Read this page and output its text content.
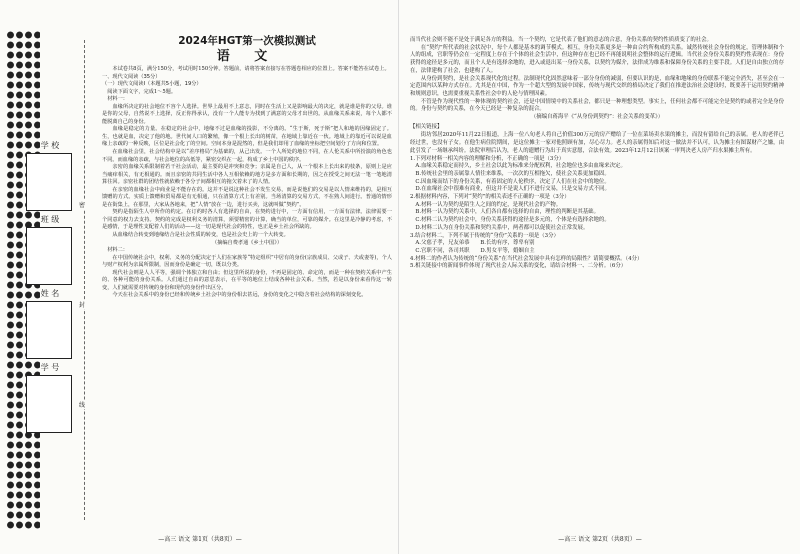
学 校
班 级
姓 名
学 号
密
封
线
2024年HGT第一次模拟测试
语 文

本试卷共8页，满分150分，考试用时150分钟。答题前，请将答案直接写在答题卷相应的位置上。答案不能答在试卷上。

一、现代文阅读（35分）

（一）现代文阅读Ⅰ（本题共5小题，19分）

　阅读下面文字，完成1～5题。

　材料一：

血缘所决定的社会地位不容个人选择。世界上最用不上意志，同时在生活上又是影响最大的决定，就是谁是你的父母。谁是你的父母，自然说不上选择，反正你得承认，没有一个人能专为找到了满意的父母才出世的。从血缘关系来说，每个人都不能脱离自己的身份。

血缘是稳定的力量。在稳定的社会中，地缘不过是血缘的投影，不分离的。“生于斯，死于斯”把人和地的因缘固定了。生，也就是血，决定了他的地。世代间人口的繁殖，像一个根上长出的树苗，在地域上靠近在一伙。地域上的靠近可以说是血缘上亲疏的一种反映，区位是社会化了的空间。空间本身是混然的，但是我们却用了血缘的坐标把空间划分了方向和位置。

在血缘社会里，社会结构中是以“差序格局”为基础的，从己出发。一个人所处的地位不同，在人伦关系中所扮演的角色也不同。而血缘的亲疏，与社会地位的高低等，紧密交织在一起，构成了乡土中国的秩序。

亲密的血缘关系限制着若干社会活动，最主要的是冲突和竞争；亲属是自己人，从一个根本上长出来的枝条，原则上是应当痛痒相关，有无相通的。而且亲密的共同生活中各人互相依赖的地方是多方面和长期的，因之在授受之间无法一笔一笔地清算往回。亲密社群的团结性就依赖于各分子间都相互的拖欠着未了的人情。

在亲密的血缘社会中商业是不能存在的。这并不是说这种社会不发生交易，而是说他们的交易是以人情来维持的，是相互馈赠的方式。实质上馈赠和贸易都是有无相通，只在清算方式上有差别。当场清算的交易方式，不在熟人间进行。普通的情形是在街集上，在那里，大家从各地来，把“人情”放在一边，进行买卖，这就叫做“契约”。

契约是指陌生人中所作的约定。在订约时各人有选择的自由，在契约进行中，一方面有信用，一方面有法律。法律需要一个同意的权力去支持。契约的完成是权利义务的清算，须要精密的计算，确当的单位，可靠的媒介。在这里是冷静的考虑，不是感情，于是理性支配着人们的活动——这一切是现代社会的特性，也正是乡土社会所缺的。

从血缘结合转变到地缘结合是社会性质的转变，也是社会史上的一个大转变。

（摘编自费孝通《乡土中国》）

　材料二：

在中国传统社会中，权利、义务的分配决定于人们在家族等“特定组织”中居有的身份(宗族成员、父或子、夫或妻等)，个人与财产权利为亲属所限制，因而身份是确定一切，既以分类。

现代社会则是人人平等，强调个体独立和自由；但这里所说的身份，不再是固定的、命定的，而是一种在契约关系中产生的、各种可能的身份关系。人们通过自由的意思表示，在平等的地位上结成各种社会关系。当然，若是以身份来看待这一转变，人们就需要对传统的身份和现代的身份作出区分。

今天在社会关系中的身份已经和传统乡土社会中的身份相去甚远，身份的变化之中隐含着社会结构的深刻变化。

—高三 语文 第1页（共8页）—

而当代社会则不能不是处于满足各方的利益。当一个契约，它是代表了他们的意志的合意，身份关系的契约性质质变了的社会。

在“契约”所代表的社会状况中，每个人都是基本的调节模式。相互，身份关系更多是一种由合约所构成的关系。诚然传统社会身份的规定，管理体制和个人的组成，官职等仍会在一定程度上存在于个体的社会生活中，但这种存在也已经不再能说明社会整体的运行逻辑。当代社会身份关系的契约性表现在：身份获得的途径是多元的，而且个人是有选择余地的，进入或退出某一身份关系，以契约为媒介，法律成为维系和保障身份关系的主要手段。人们是自由独立的存在，法律建构了社会，也建构了人。

从身份到契约，是社会关系现代化的过程。法制现代化固然意味着一部分身份的减弱，但要认识的是，血缘和地缘的身份联系不能完全消失，甚至会在一定范围内以某种方式存在。尤其是在中国，作为一个超大型的发展中国家，传统与现代交织的格局决定了我们在推进法治社会建设时，既要善于运用契约精神和规则意识，也需要重视关系性社会中的人伦与情理因素。

不管是作为现代性的一种体现的契约社会，还是中国情境中的关系社会，都只是一种理想类型。事实上，任何社会都不可能完全是契约的或者完全是身份的。身份与契约的关系，在今天已经是一种复杂的混合。

（摘编自蒋海平《“从身份到契约”：社会关系的变革》）

【相关链接】

街坊邻居2020年11月22日报道，上海一位八旬老人将自己价值300万元的房产赠给了一位在菜场卖水果的摊主，而没有留给自己的亲属。老人的老伴已经过世，也没有子女。在他生病住院期间，是这位摊主一家对他照顾有加，尽心尽力。老人的亲属得知后对这一做法并不认可，认为摊主有图谋财产之嫌，由此引发了一场继承纠纷。法院审理后认为，老人的遗赠行为出于真实意愿，合法有效。2023年12月12日该案一审判决老人房产归水果摊主所有。

1.下列对材料一相关内容的理解和分析，不正确的一项是（3分）

　A.血缘关系稳定而持久，乡土社会以此为标准来分配权利，社会地位也多由血缘来决定。

　B.传统社会里的亲属靠人情往来维系，一次次的互相拖欠，使社会关系更加稳固。

　C.因血缘而结下的身份关系，有着固定的人伦秩序，决定了人们在社会中的地位。

　D.在血缘社会中很难有商业，但这并不是说人们不进行交易，只是交易方式不同。

2.根据材料内容，下列对“契约”的相关表述不正确的一项是（3分）

　A.材料一认为契约是陌生人之间的约定，是现代社会的产物。

　B.材料一认为契约关系中，人们各自都有选择的自由，理性的判断是其基础。

　C.材料二认为契约社会中，身份关系获得的途径是多元的，个体是有选择余地的。

　D.材料二认为在身份关系和契约关系中，两者都可以促使社会正常发展。

3.结合材料二，下列不属于传统的“身份”关系的一项是（3分）

　A.父慈子孝，兄友弟恭　　B.长幼有序，尊卑有别

　C.官职不同，各司其职　　D.男女平等，婚姻自主

4.材料二的作者认为传统的“身份关系”在当代社会发展中具有怎样的局限性？请简要概括。（4分）

5.相关链接中的新闻事件体现了现代社会人际关系的变化，请结合材料一、二分析。（6分）

—高三 语文 第2页（共8页）—
